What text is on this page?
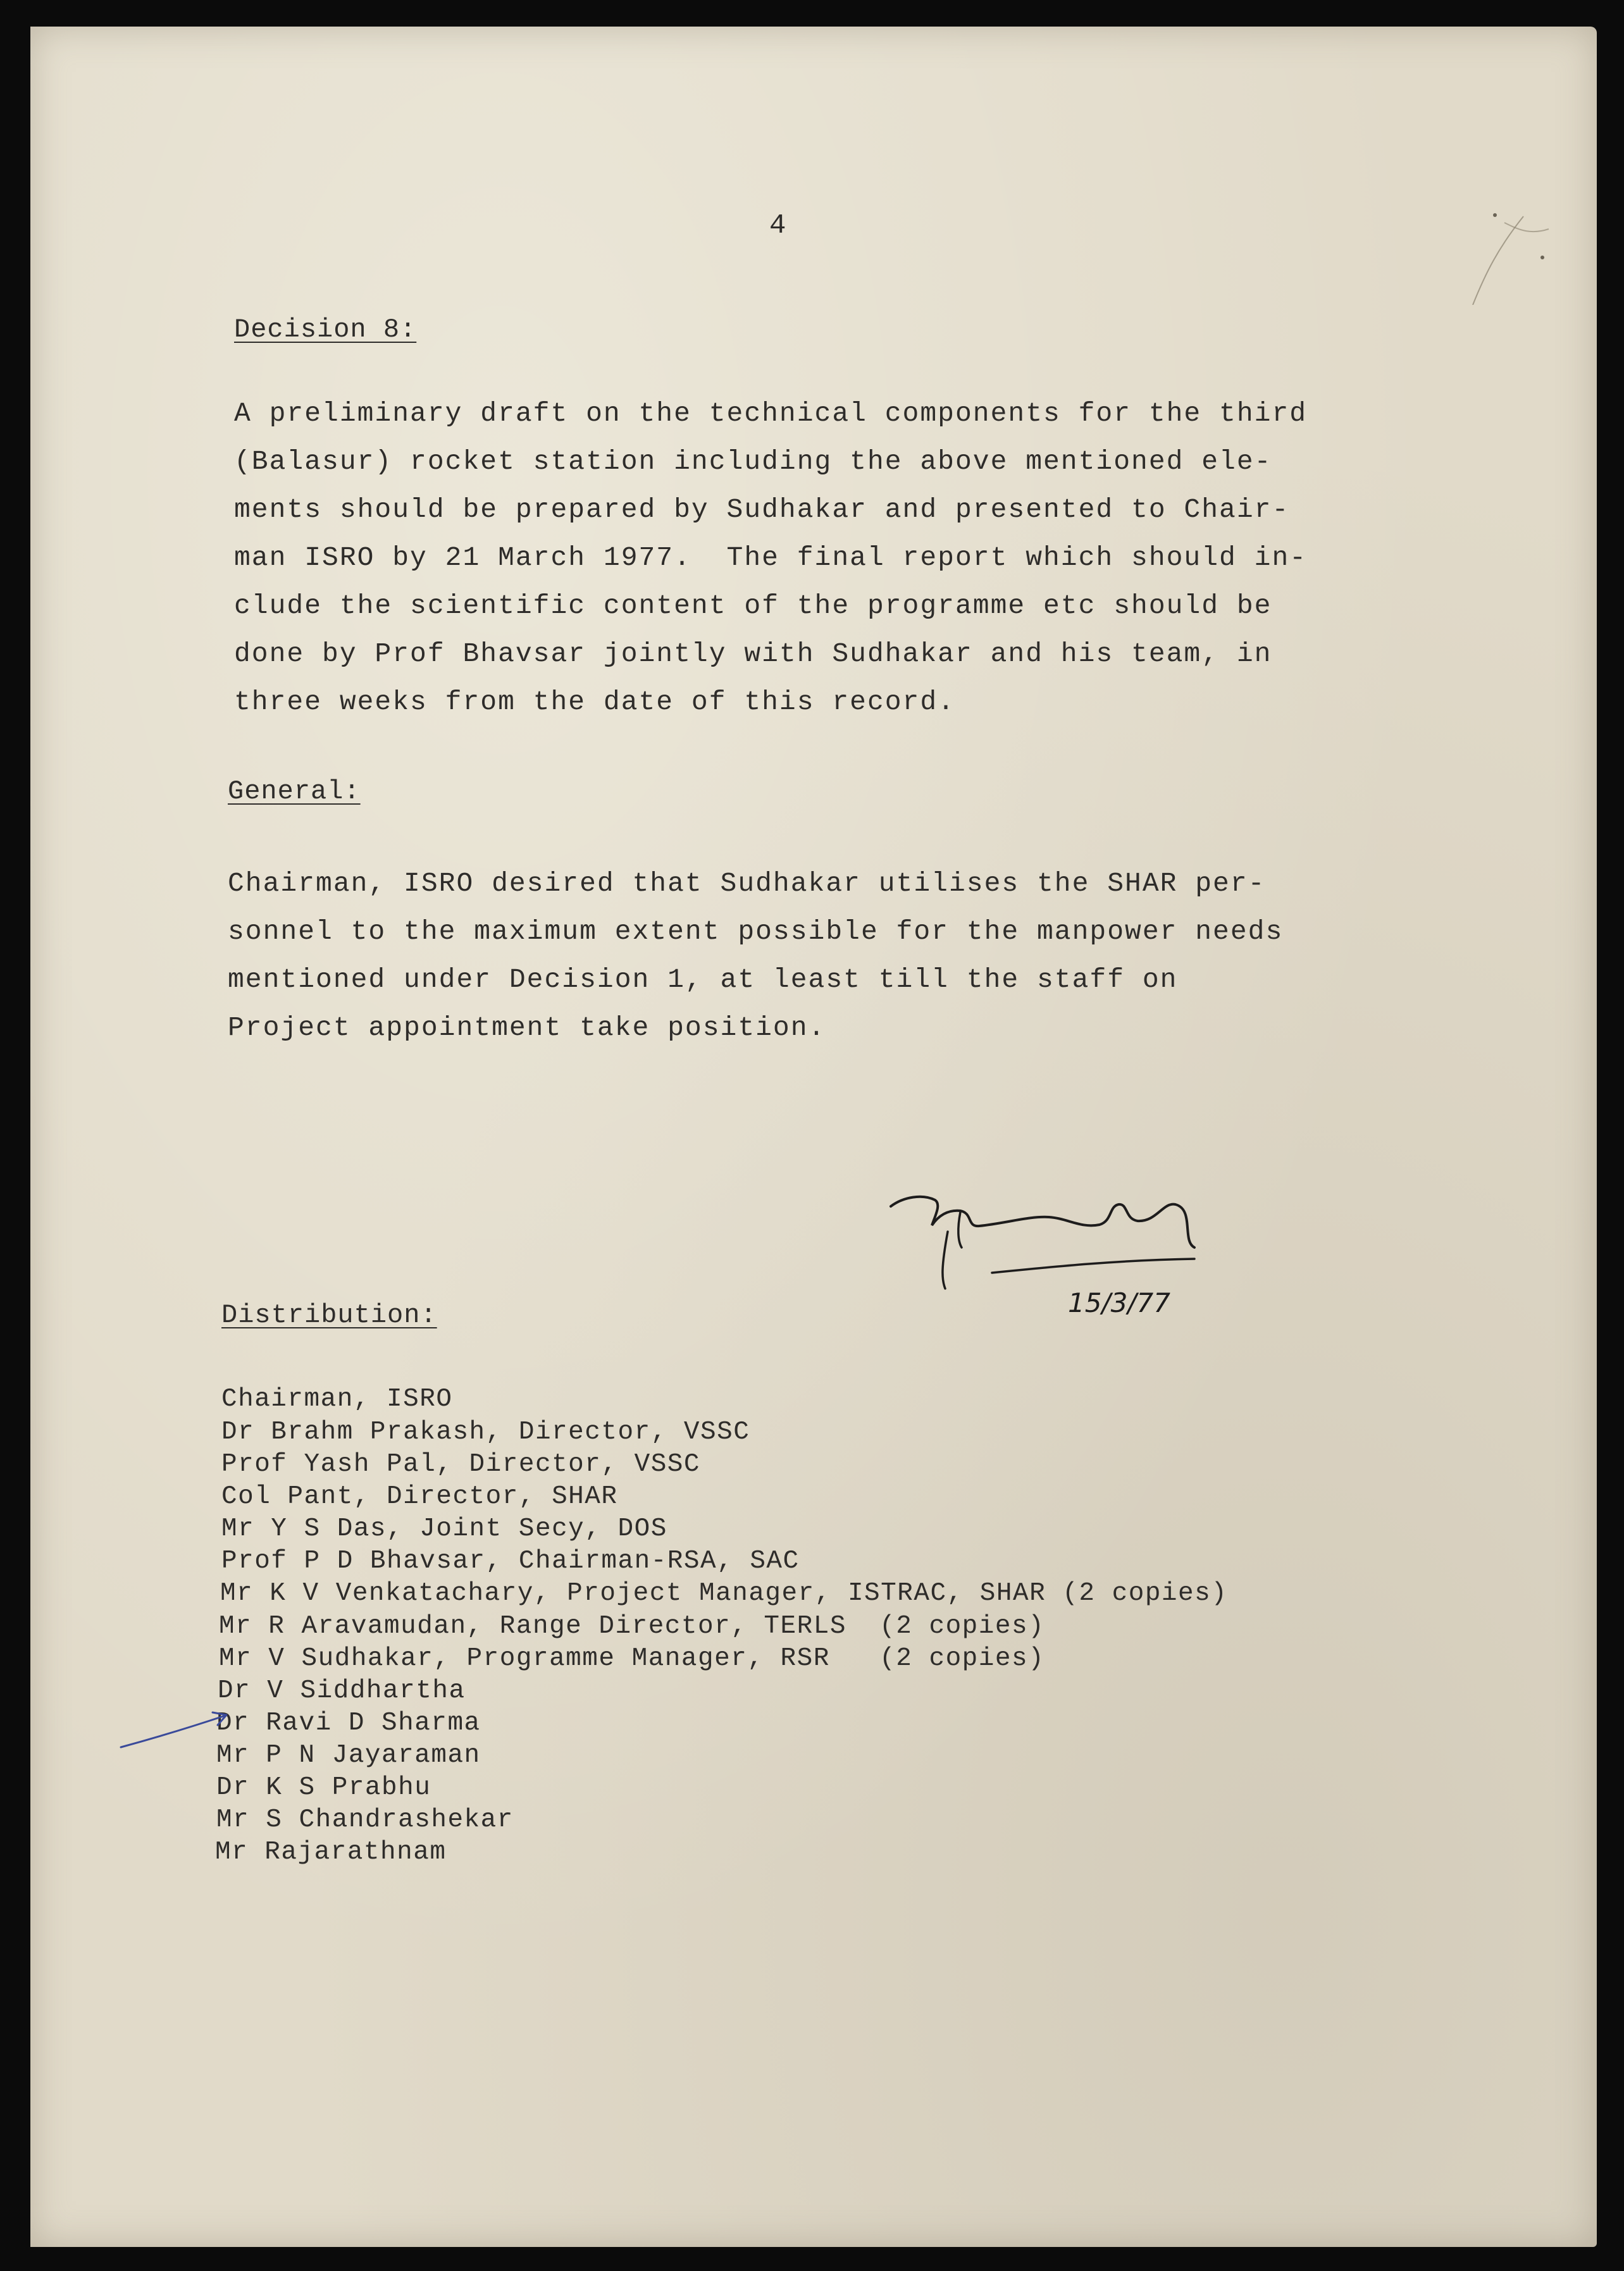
4
Decision 8:
A preliminary draft on the technical components for the third
(Balasur) rocket station including the above mentioned ele-
ments should be prepared by Sudhakar and presented to Chair-
man ISRO by 21 March 1977.  The final report which should in-
clude the scientific content of the programme etc should be
done by Prof Bhavsar jointly with Sudhakar and his team, in
three weeks from the date of this record.
General:
Chairman, ISRO desired that Sudhakar utilises the SHAR per-
sonnel to the maximum extent possible for the manpower needs
mentioned under Decision 1, at least till the staff on
Project appointment take position.
15/3/77
Distribution:
Chairman, ISRO
Dr Brahm Prakash, Director, VSSC
Prof Yash Pal, Director, VSSC
Col Pant, Director, SHAR
Mr Y S Das, Joint Secy, DOS
Prof P D Bhavsar, Chairman-RSA, SAC
Mr K V Venkatachary, Project Manager, ISTRAC, SHAR (2 copies)
Mr R Aravamudan, Range Director, TERLS  (2 copies)
Mr V Sudhakar, Programme Manager, RSR   (2 copies)
Dr V Siddhartha
Dr Ravi D Sharma
Mr P N Jayaraman
Dr K S Prabhu
Mr S Chandrashekar
Mr Rajarathnam
